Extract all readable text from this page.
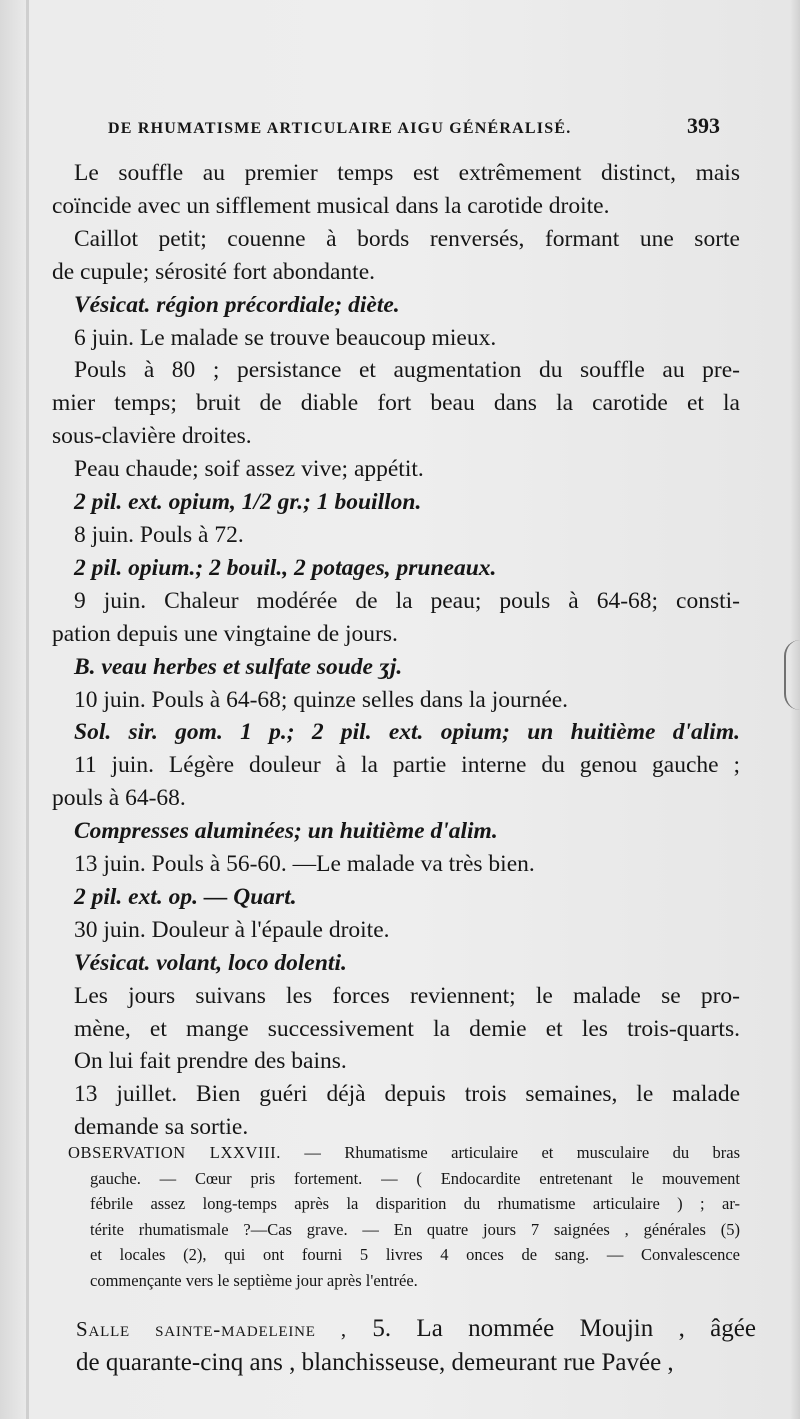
DE RHUMATISME ARTICULAIRE AIGU GÉNÉRALISÉ.	393
Le souffle au premier temps est extrêmement distinct, mais
coïncide avec un sifflement musical dans la carotide droite.
Caillot petit; couenne à bords renversés, formant une sorte
de cupule; sérosité fort abondante.
Vésicat. région précordiale; diète.
6 juin. Le malade se trouve beaucoup mieux.
Pouls à 80 ; persistance et augmentation du souffle au pre-
mier temps; bruit de diable fort beau dans la carotide et la
sous-clavière droites.
Peau chaude; soif assez vive; appétit.
2 pil. ext. opium, 1/2 gr.; 1 bouillon.
8 juin. Pouls à 72.
2 pil. opium.; 2 bouil., 2 potages, pruneaux.
9 juin. Chaleur modérée de la peau; pouls à 64-68; consti-
pation depuis une vingtaine de jours.
B. veau herbes et sulfate soude ʒj.
10 juin. Pouls à 64-68; quinze selles dans la journée.
Sol. sir. gom. 1 p.; 2 pil. ext. opium; un huitième d'alim.
11 juin. Légère douleur à la partie interne du genou gauche ;
pouls à 64-68.
Compresses aluminées; un huitième d'alim.
13 juin. Pouls à 56-60. —Le malade va très bien.
2 pil. ext. op. — Quart.
30 juin. Douleur à l'épaule droite.
Vésicat. volant, loco dolenti.
Les jours suivans les forces reviennent; le malade se pro-
mène, et mange successivement la demie et les trois-quarts.
On lui fait prendre des bains.
13 juillet. Bien guéri déjà depuis trois semaines, le malade
demande sa sortie.
OBSERVATION LXXVIII. — Rhumatisme articulaire et musculaire du bras
gauche. — Cœur pris fortement. — ( Endocardite entretenant le mouvement
fébrile assez long-temps après la disparition du rhumatisme articulaire ) ; ar-
térite rhumatismale ?—Cas grave. — En quatre jours 7 saignées , générales (5)
et locales (2), qui ont fourni 5 livres 4 onces de sang. — Convalescence
commençante vers le septième jour après l'entrée.
Salle sainte-madeleine , 5. La nommée Moujin , âgée
de quarante-cinq ans , blanchisseuse, demeurant rue Pavée ,
